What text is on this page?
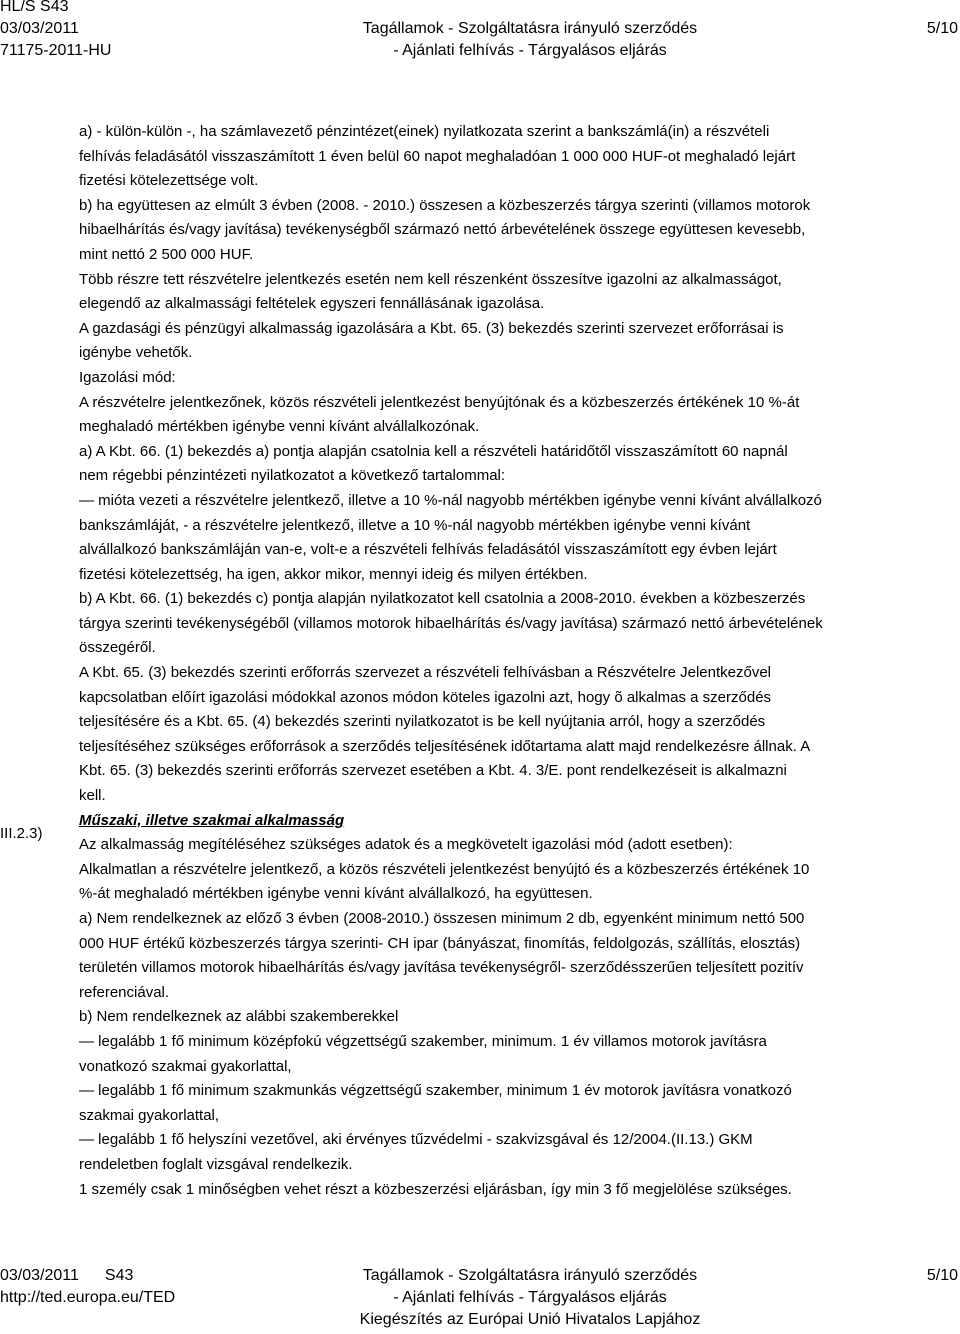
HL/S S43
03/03/2011
71175-2011-HU
Tagállamok - Szolgáltatásra irányuló szerződés
- Ajánlati felhívás - Tárgyalásos eljárás
5/10
III.2.3)
a) - külön-külön -, ha számlavezető pénzintézet(einek) nyilatkozata szerint a bankszámlá(in) a részvételi
felhívás feladásától visszaszámított 1 éven belül 60 napot meghaladóan 1 000 000 HUF-ot meghaladó lejárt
fizetési kötelezettsége volt.
b) ha együttesen az elmúlt 3 évben (2008. - 2010.) összesen a közbeszerzés tárgya szerinti (villamos motorok
hibaelhárítás és/vagy javítása) tevékenységből származó nettó árbevételének összege együttesen kevesebb,
mint nettó 2 500 000 HUF.
Több részre tett részvételre jelentkezés esetén nem kell részenként összesítve igazolni az alkalmasságot,
elegendő az alkalmassági feltételek egyszeri fennállásának igazolása.
A gazdasági és pénzügyi alkalmasság igazolására a Kbt. 65. (3) bekezdés szerinti szervezet erőforrásai is
igénybe vehetők.
Igazolási mód:
A részvételre jelentkezőnek, közös részvételi jelentkezést benyújtónak és a közbeszerzés értékének 10 %-át
meghaladó mértékben igénybe venni kívánt alvállalkozónak.
a) A Kbt. 66. (1) bekezdés a) pontja alapján csatolnia kell a részvételi határidőtől visszaszámított 60 napnál
nem régebbi pénzintézeti nyilatkozatot a következő tartalommal:
— mióta vezeti a részvételre jelentkező, illetve a 10 %-nál nagyobb mértékben igénybe venni kívánt alvállalkozó
bankszámláját, - a részvételre jelentkező, illetve a 10 %-nál nagyobb mértékben igénybe venni kívánt
alvállalkozó bankszámláján van-e, volt-e a részvételi felhívás feladásától visszaszámított egy évben lejárt
fizetési kötelezettség, ha igen, akkor mikor, mennyi ideig és milyen értékben.
b) A Kbt. 66. (1) bekezdés c) pontja alapján nyilatkozatot kell csatolnia a 2008-2010. években a közbeszerzés
tárgya szerinti tevékenységéből (villamos motorok hibaelhárítás és/vagy javítása) származó nettó árbevételének
összegéről.
A Kbt. 65. (3) bekezdés szerinti erőforrás szervezet a részvételi felhívásban a Részvételre Jelentkezővel
kapcsolatban előírt igazolási módokkal azonos módon köteles igazolni azt, hogy õ alkalmas a szerződés
teljesítésére és a Kbt. 65. (4) bekezdés szerinti nyilatkozatot is be kell nyújtania arról, hogy a szerződés
teljesítéséhez szükséges erőforrások a szerződés teljesítésének időtartama alatt majd rendelkezésre állnak. A
Kbt. 65. (3) bekezdés szerinti erőforrás szervezet esetében a Kbt. 4. 3/E. pont rendelkezéseit is alkalmazni
kell.
Műszaki, illetve szakmai alkalmasság
Az alkalmasság megítéléséhez szükséges adatok és a megkövetelt igazolási mód (adott esetben):
Alkalmatlan a részvételre jelentkező, a közös részvételi jelentkezést benyújtó és a közbeszerzés értékének 10
%-át meghaladó mértékben igénybe venni kívánt alvállalkozó, ha együttesen.
a) Nem rendelkeznek az előző 3 évben (2008-2010.) összesen minimum 2 db, egyenként minimum nettó 500
000 HUF értékű közbeszerzés tárgya szerinti- CH ipar (bányászat, finomítás, feldolgozás, szállítás, elosztás)
területén villamos motorok hibaelhárítás és/vagy javítása tevékenységről- szerződésszerűen teljesített pozitív
referenciával.
b) Nem rendelkeznek az alábbi szakemberekkel
— legalább 1 fő minimum középfokú végzettségű szakember, minimum. 1 év villamos motorok javításra
vonatkozó szakmai gyakorlattal,
— legalább 1 fő minimum szakmunkás végzettségű szakember, minimum 1 év motorok javításra vonatkozó
szakmai gyakorlattal,
— legalább 1 fő helyszíni vezetővel, aki érvényes tűzvédelmi - szakvizsgával és 12/2004.(II.13.) GKM
rendeletben foglalt vizsgával rendelkezik.
1 személy csak 1 minőségben vehet részt a közbeszerzési eljárásban, így min 3 fő megjelölése szükséges.
03/03/2011 S43
http://ted.europa.eu/TED
Tagállamok - Szolgáltatásra irányuló szerződés
- Ajánlati felhívás - Tárgyalásos eljárás
Kiegészítés az Európai Unió Hivatalos Lapjához
5/10
